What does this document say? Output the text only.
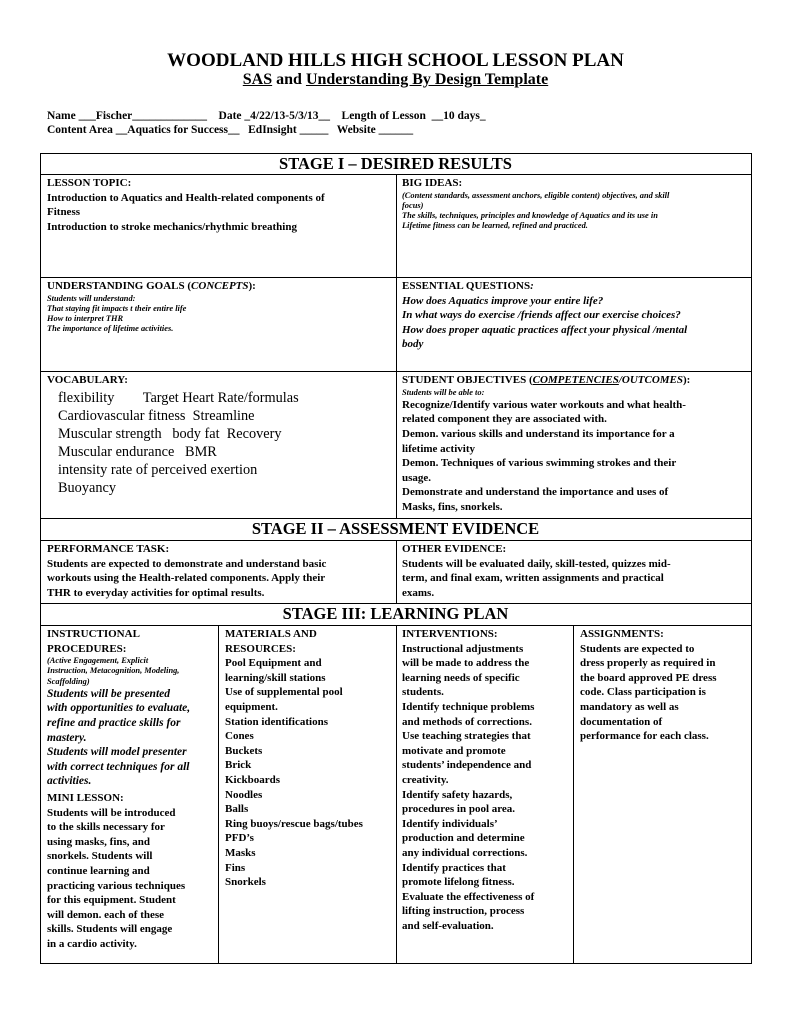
WOODLAND HILLS HIGH SCHOOL LESSON PLAN
SAS and Understanding By Design Template
Name ___Fischer_____________ Date _4/22/13-5/3/13__ Length of Lesson __10 days_
Content Area __Aquatics for Success__ EdInsight _____ Website ______
STAGE I – DESIRED RESULTS

LESSON TOPIC:

Introduction to Aquatics and Health-related components of

Fitness

Introduction to stroke mechanics/rhythmic breathing

BIG IDEAS:

(Content standards, assessment anchors, eligible content) objectives, and skill

focus)

The skills, techniques, principles and knowledge of Aquatics and its use in

Lifetime fitness can be learned, refined and practiced.

UNDERSTANDING GOALS (CONCEPTS):

Students will understand:

That staying fit impacts t their entire life

How to interpret THR

The importance of lifetime activities.

ESSENTIAL QUESTIONS:

How does Aquatics improve your entire life?

In what ways do exercise /friends affect our exercise choices?

How does proper aquatic practices affect your physical /mental

body

VOCABULARY:

flexibility        Target Heart Rate/formulas
Cardiovascular fitness  Streamline
Muscular strength   body fat  Recovery
Muscular endurance   BMR
intensity rate of perceived exertion
Buoyancy

STUDENT OBJECTIVES (COMPETENCIES/OUTCOMES):

Students will be able to:

Recognize/Identify various water workouts and what health-

related component they are associated with.

Demon. various skills and understand its importance for a

lifetime activity

Demon. Techniques of various swimming strokes and their

usage.

Demonstrate and understand the importance and uses of

Masks, fins, snorkels.

STAGE II – ASSESSMENT EVIDENCE

PERFORMANCE TASK:

Students are expected to demonstrate and understand basic

workouts using the Health-related components. Apply their

THR to everyday activities for optimal results.

OTHER EVIDENCE:

Students will be evaluated daily, skill-tested, quizzes mid-

term, and final exam, written assignments and practical

exams.

STAGE III: LEARNING PLAN

INSTRUCTIONAL

PROCEDURES:

(Active Engagement, Explicit

Instruction, Metacognition, Modeling,

Scaffolding)

Students will be presented

with opportunities to evaluate,

refine and practice skills for

mastery.

Students will model presenter

with correct techniques for all

activities.

MINI LESSON:

Students will be introduced

to the skills necessary for

using masks, fins, and

snorkels. Students will

continue learning and

practicing various techniques

for this equipment. Student

will demon. each of these

skills. Students will engage

in a cardio activity.

MATERIALS AND

RESOURCES:

Pool Equipment and

learning/skill stations

Use of supplemental pool

equipment.

Station identifications

Cones

Buckets

Brick

Kickboards

Noodles

Balls

Ring buoys/rescue bags/tubes

PFD’s

Masks

Fins

Snorkels

INTERVENTIONS:

Instructional adjustments

will be made to address the

learning needs of specific

students.

Identify technique problems

and methods of corrections.

Use teaching strategies that

motivate and promote

students’ independence and

creativity.

Identify safety hazards,

procedures in pool area.

Identify individuals’

production and determine

any individual corrections.

Identify practices that

promote lifelong fitness.

Evaluate the effectiveness of

lifting instruction, process

and self-evaluation.

ASSIGNMENTS:

Students are expected to

dress properly as required in

the board approved PE dress

code. Class participation is

mandatory as well as

documentation of

performance for each class.
